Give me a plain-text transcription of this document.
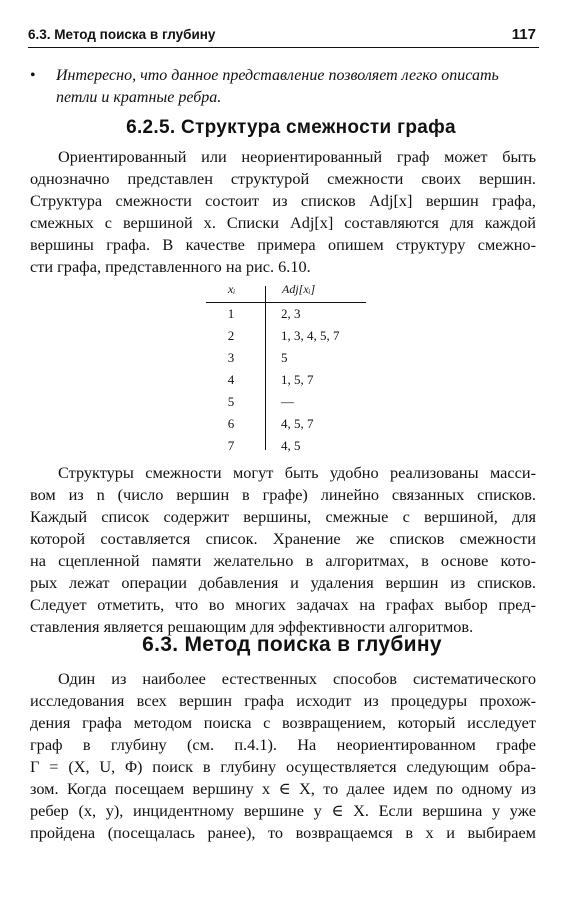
6.3. Метод поиска в глубину	117
• Интересно, что данное представление позволяет легко описать
петли и кратные ребра.
6.2.5. Структура смежности графа
Ориентированный или неориентированный граф может быть
однозначно представлен структурой смежности своих вершин.
Структура смежности состоит из списков Adj[x] вершин графа,
смежных с вершиной x. Списки Adj[x] составляются для каждой
вершины графа. В качестве примера опишем структуру смежно-
сти графа, представленного на рис. 6.10.
xᵢ	Adj[xᵢ]
1	2, 3
2	1, 3, 4, 5, 7
3	5
4	1, 5, 7
5	—
6	4, 5, 7
7	4, 5
Структуры смежности могут быть удобно реализованы масси-
вом из n (число вершин в графе) линейно связанных списков.
Каждый список содержит вершины, смежные с вершиной, для
которой составляется список. Хранение же списков смежности
на сцепленной памяти желательно в алгоритмах, в основе кото-
рых лежат операции добавления и удаления вершин из списков.
Следует отметить, что во многих задачах на графах выбор пред-
ставления является решающим для эффективности алгоритмов.
6.3. Метод поиска в глубину
Один из наиболее естественных способов систематического
исследования всех вершин графа исходит из процедуры прохож-
дения графа методом поиска с возвращением, который исследует
граф в глубину (см. п.4.1). На неориентированном графе
Γ = (X, U, Φ) поиск в глубину осуществляется следующим обра-
зом. Когда посещаем вершину x ∈ X, то далее идем по одному из
ребер (x, y), инцидентному вершине y ∈ X. Если вершина y уже
пройдена (посещалась ранее), то возвращаемся в x и выбираем
